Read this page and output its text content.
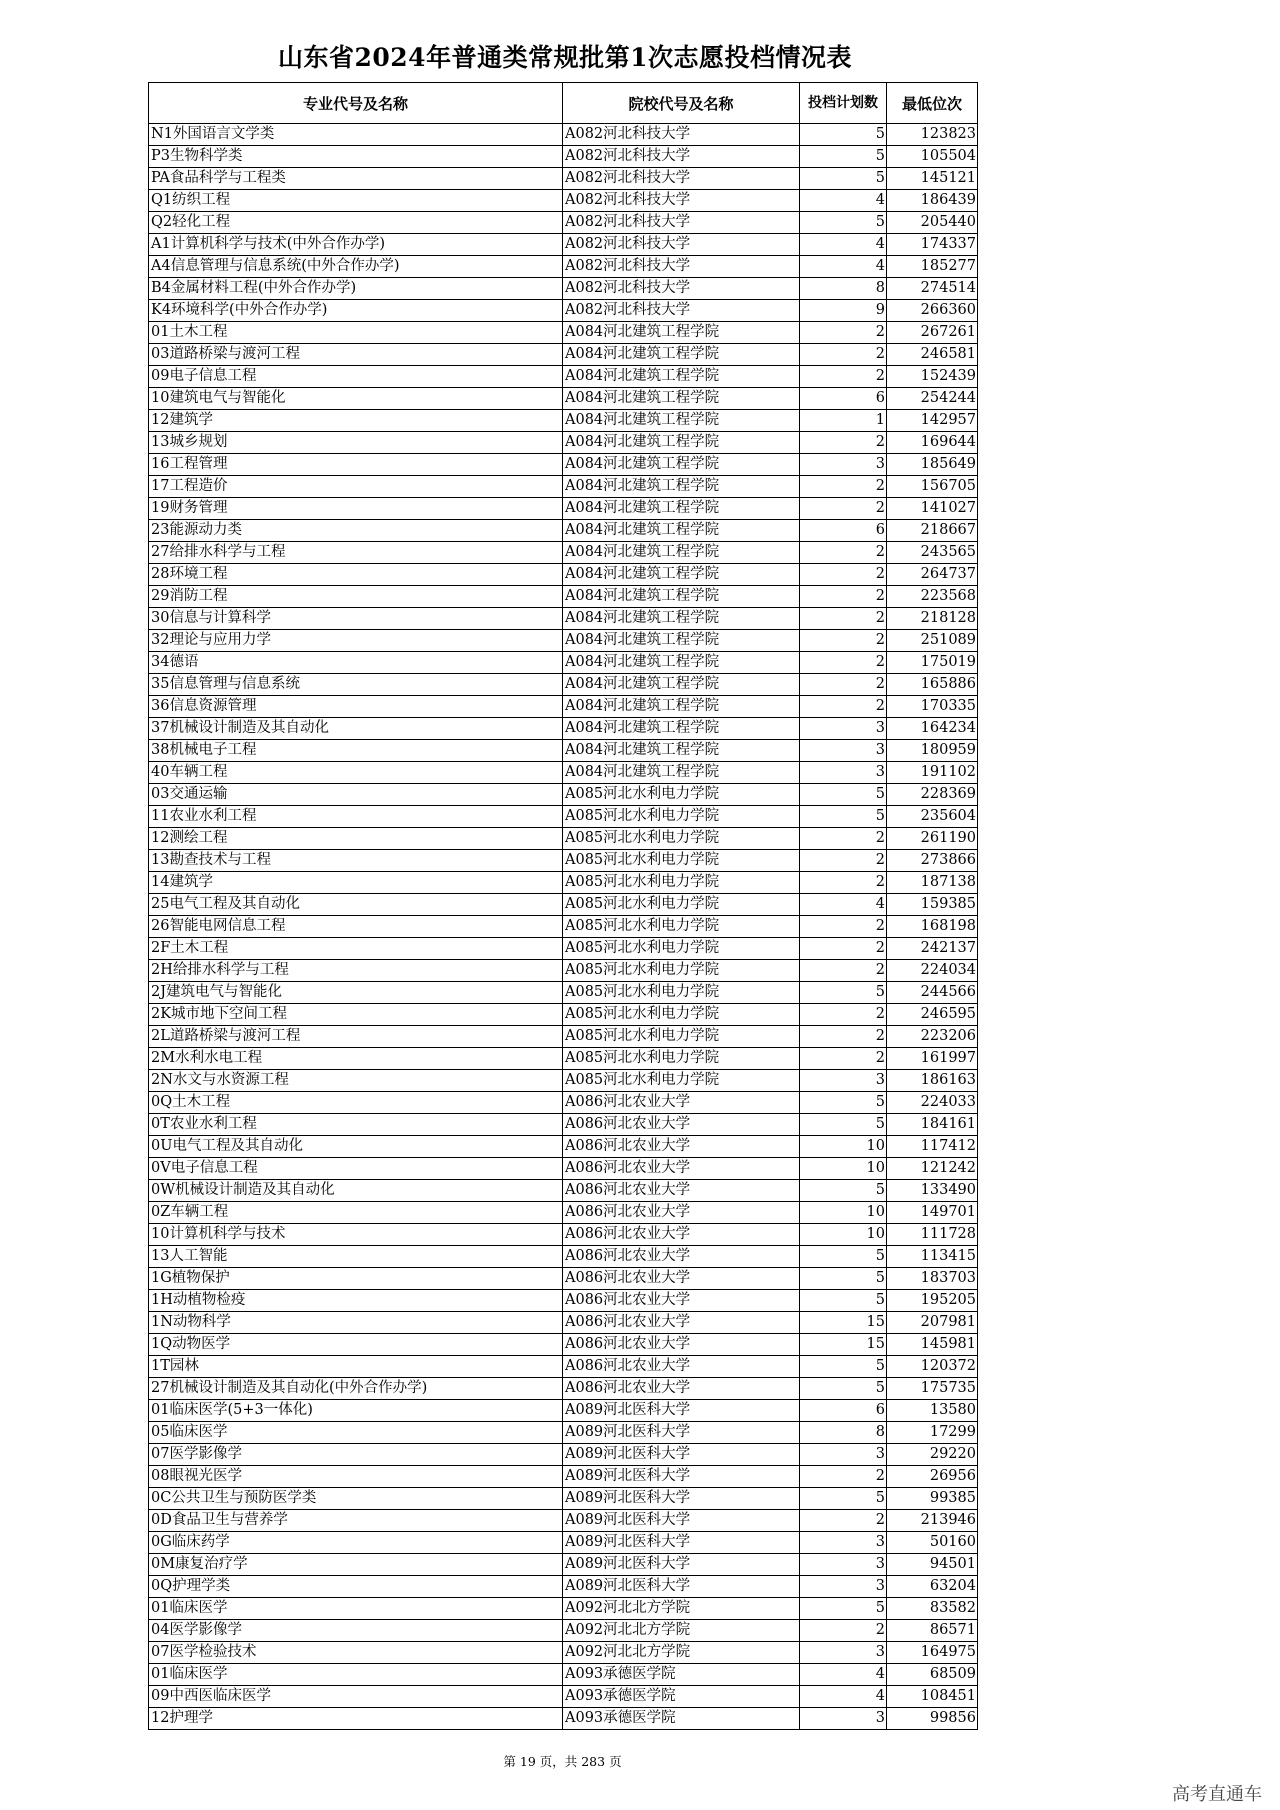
山东省2024年普通类常规批第1次志愿投档情况表
专业代号及名称	院校代号及名称	投档计划数	最低位次
N1外国语言文学类	A082河北科技大学	5	123823
P3生物科学类	A082河北科技大学	5	105504
PA食品科学与工程类	A082河北科技大学	5	145121
Q1纺织工程	A082河北科技大学	4	186439
Q2轻化工程	A082河北科技大学	5	205440
A1计算机科学与技术(中外合作办学)	A082河北科技大学	4	174337
A4信息管理与信息系统(中外合作办学)	A082河北科技大学	4	185277
B4金属材料工程(中外合作办学)	A082河北科技大学	8	274514
K4环境科学(中外合作办学)	A082河北科技大学	9	266360
01土木工程	A084河北建筑工程学院	2	267261
03道路桥梁与渡河工程	A084河北建筑工程学院	2	246581
09电子信息工程	A084河北建筑工程学院	2	152439
10建筑电气与智能化	A084河北建筑工程学院	6	254244
12建筑学	A084河北建筑工程学院	1	142957
13城乡规划	A084河北建筑工程学院	2	169644
16工程管理	A084河北建筑工程学院	3	185649
17工程造价	A084河北建筑工程学院	2	156705
19财务管理	A084河北建筑工程学院	2	141027
23能源动力类	A084河北建筑工程学院	6	218667
27给排水科学与工程	A084河北建筑工程学院	2	243565
28环境工程	A084河北建筑工程学院	2	264737
29消防工程	A084河北建筑工程学院	2	223568
30信息与计算科学	A084河北建筑工程学院	2	218128
32理论与应用力学	A084河北建筑工程学院	2	251089
34德语	A084河北建筑工程学院	2	175019
35信息管理与信息系统	A084河北建筑工程学院	2	165886
36信息资源管理	A084河北建筑工程学院	2	170335
37机械设计制造及其自动化	A084河北建筑工程学院	3	164234
38机械电子工程	A084河北建筑工程学院	3	180959
40车辆工程	A084河北建筑工程学院	3	191102
03交通运输	A085河北水利电力学院	5	228369
11农业水利工程	A085河北水利电力学院	5	235604
12测绘工程	A085河北水利电力学院	2	261190
13勘查技术与工程	A085河北水利电力学院	2	273866
14建筑学	A085河北水利电力学院	2	187138
25电气工程及其自动化	A085河北水利电力学院	4	159385
26智能电网信息工程	A085河北水利电力学院	2	168198
2F土木工程	A085河北水利电力学院	2	242137
2H给排水科学与工程	A085河北水利电力学院	2	224034
2J建筑电气与智能化	A085河北水利电力学院	5	244566
2K城市地下空间工程	A085河北水利电力学院	2	246595
2L道路桥梁与渡河工程	A085河北水利电力学院	2	223206
2M水利水电工程	A085河北水利电力学院	2	161997
2N水文与水资源工程	A085河北水利电力学院	3	186163
0Q土木工程	A086河北农业大学	5	224033
0T农业水利工程	A086河北农业大学	5	184161
0U电气工程及其自动化	A086河北农业大学	10	117412
0V电子信息工程	A086河北农业大学	10	121242
0W机械设计制造及其自动化	A086河北农业大学	5	133490
0Z车辆工程	A086河北农业大学	10	149701
10计算机科学与技术	A086河北农业大学	10	111728
13人工智能	A086河北农业大学	5	113415
1G植物保护	A086河北农业大学	5	183703
1H动植物检疫	A086河北农业大学	5	195205
1N动物科学	A086河北农业大学	15	207981
1Q动物医学	A086河北农业大学	15	145981
1T园林	A086河北农业大学	5	120372
27机械设计制造及其自动化(中外合作办学)	A086河北农业大学	5	175735
01临床医学(5+3一体化)	A089河北医科大学	6	13580
05临床医学	A089河北医科大学	8	17299
07医学影像学	A089河北医科大学	3	29220
08眼视光医学	A089河北医科大学	2	26956
0C公共卫生与预防医学类	A089河北医科大学	5	99385
0D食品卫生与营养学	A089河北医科大学	2	213946
0G临床药学	A089河北医科大学	3	50160
0M康复治疗学	A089河北医科大学	3	94501
0Q护理学类	A089河北医科大学	3	63204
01临床医学	A092河北北方学院	5	83582
04医学影像学	A092河北北方学院	2	86571
07医学检验技术	A092河北北方学院	3	164975
01临床医学	A093承德医学院	4	68509
09中西医临床医学	A093承德医学院	4	108451
12护理学	A093承德医学院	3	99856
第 19 页，共 283 页
高考直通车
